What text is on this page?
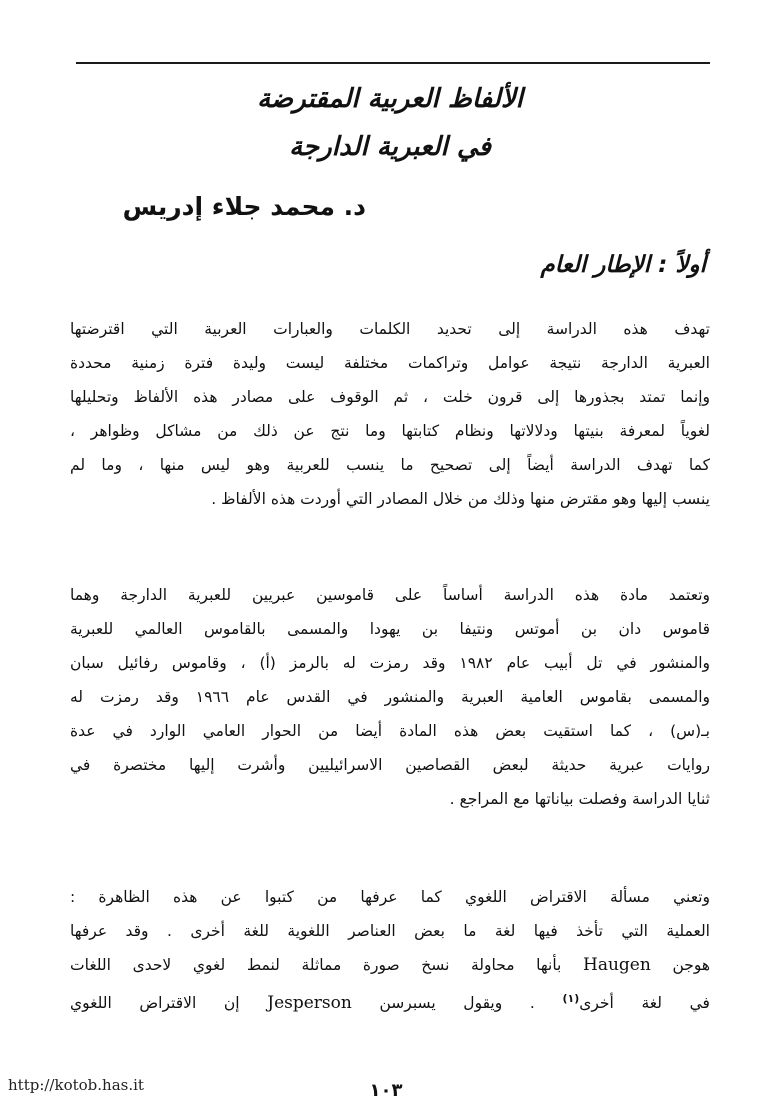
الألفاظ العربية المقترضة
في العبرية الدارجة
د. محمد جلاء إدريس
أولاً : الإطار العام
تهدف هذه الدراسة إلى تحديد الكلمات والعبارات العربية التي اقترضتها
العبرية الدارجة نتيجة عوامل وتراكمات مختلفة ليست وليدة فترة زمنية محددة
وإنما تمتد بجذورها إلى قرون خلت ، ثم الوقوف على مصادر هذه الألفاظ وتحليلها
لغوياً لمعرفة بنيتها ودلالاتها ونظام كتابتها وما نتج عن ذلك من مشاكل وظواهر ،
كما تهدف الدراسة أيضاً إلى تصحيح ما ينسب للعربية وهو ليس منها ، وما لم
ينسب إليها وهو مقترض منها وذلك من خلال المصادر التي أوردت هذه الألفاظ .
وتعتمد مادة هذه الدراسة أساساً على قاموسين عبريين للعبرية الدارجة وهما
قاموس دان بن أموتس ونتيفا بن يهودا والمسمى بالقاموس العالمي للعبرية
والمنشور في تل أبيب عام ١٩٨٢ وقد رمزت له بالرمز (أ) ، وقاموس رفائيل سبان
والمسمى بقاموس العامية العبرية والمنشور في القدس عام ١٩٦٦ وقد رمزت له
بـ(س) ، كما استقيت بعض هذه المادة أيضا من الحوار العامي الوارد في عدة
روايات عبرية حديثة لبعض القصاصين الاسرائيليين وأشرت إليها مختصرة في
ثنايا الدراسة وفصلت بياناتها مع المراجع .
وتعني مسألة الاقتراض اللغوي كما عرفها من كتبوا عن هذه الظاهرة :
العملية التي تأخذ فيها لغة ما بعض العناصر اللغوية للغة أخرى . وقد عرفها
هوجن Haugen بأنها محاولة نسخ صورة مماثلة لنمط لغوي لاحدى اللغات
في لغة أخرى$^{(١)}$ . ويقول يسبرسن Jesperson إن الاقتراض اللغوي
http://kotob.has.it	١٠٣
